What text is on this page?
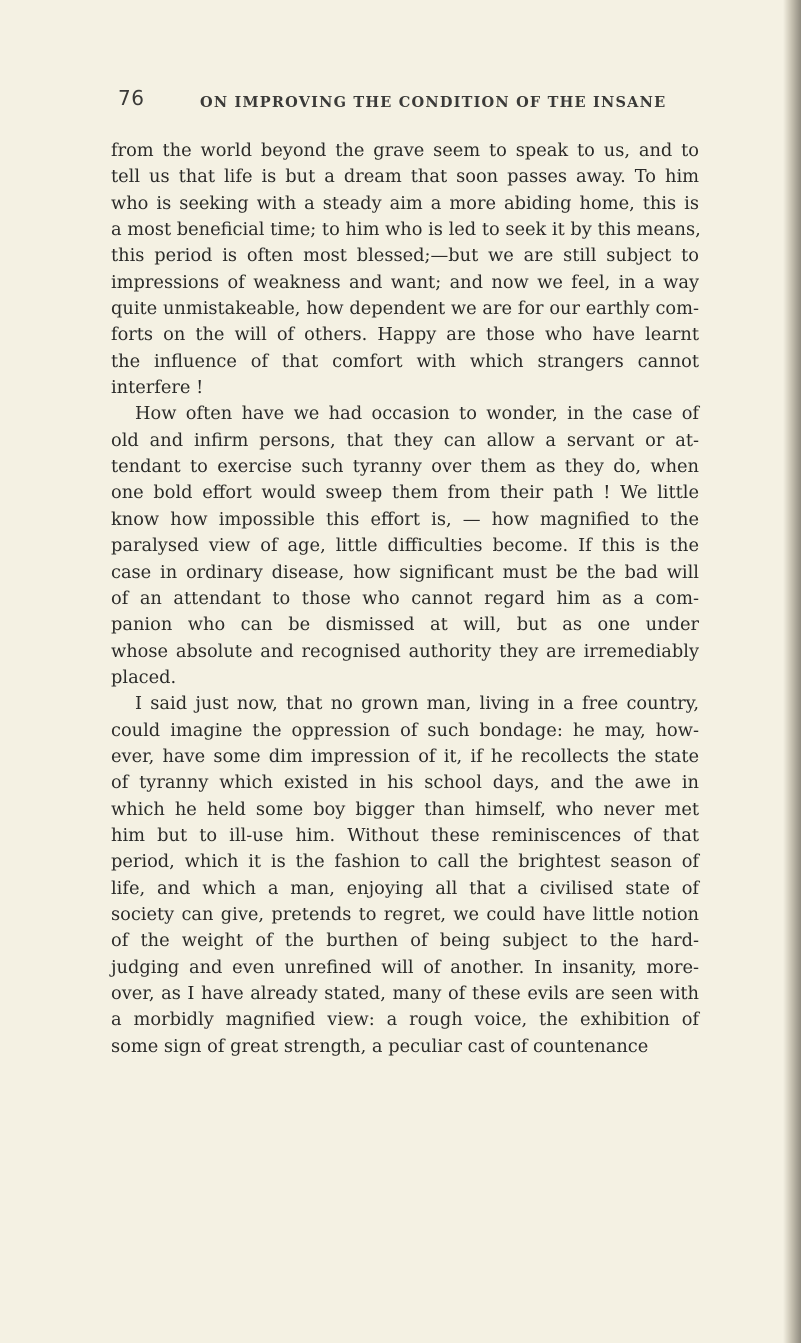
76	ON IMPROVING THE CONDITION OF THE INSANE
from the world beyond the grave seem to speak to us, and to
tell us that life is but a dream that soon passes away. To him
who is seeking with a steady aim a more abiding home, this is
a most beneficial time; to him who is led to seek it by this means,
this period is often most blessed;—but we are still subject to
impressions of weakness and want; and now we feel, in a way
quite unmistakeable, how dependent we are for our earthly com-
forts on the will of others. Happy are those who have learnt
the influence of that comfort with which strangers cannot
interfere !
How often have we had occasion to wonder, in the case of
old and infirm persons, that they can allow a servant or at-
tendant to exercise such tyranny over them as they do, when
one bold effort would sweep them from their path ! We little
know how impossible this effort is, — how magnified to the
paralysed view of age, little difficulties become. If this is the
case in ordinary disease, how significant must be the bad will
of an attendant to those who cannot regard him as a com-
panion who can be dismissed at will, but as one under
whose absolute and recognised authority they are irremediably
placed.
I said just now, that no grown man, living in a free country,
could imagine the oppression of such bondage: he may, how-
ever, have some dim impression of it, if he recollects the state
of tyranny which existed in his school days, and the awe in
which he held some boy bigger than himself, who never met
him but to ill-use him. Without these reminiscences of that
period, which it is the fashion to call the brightest season of
life, and which a man, enjoying all that a civilised state of
society can give, pretends to regret, we could have little notion
of the weight of the burthen of being subject to the hard-
judging and even unrefined will of another. In insanity, more-
over, as I have already stated, many of these evils are seen with
a morbidly magnified view: a rough voice, the exhibition of
some sign of great strength, a peculiar cast of countenance
